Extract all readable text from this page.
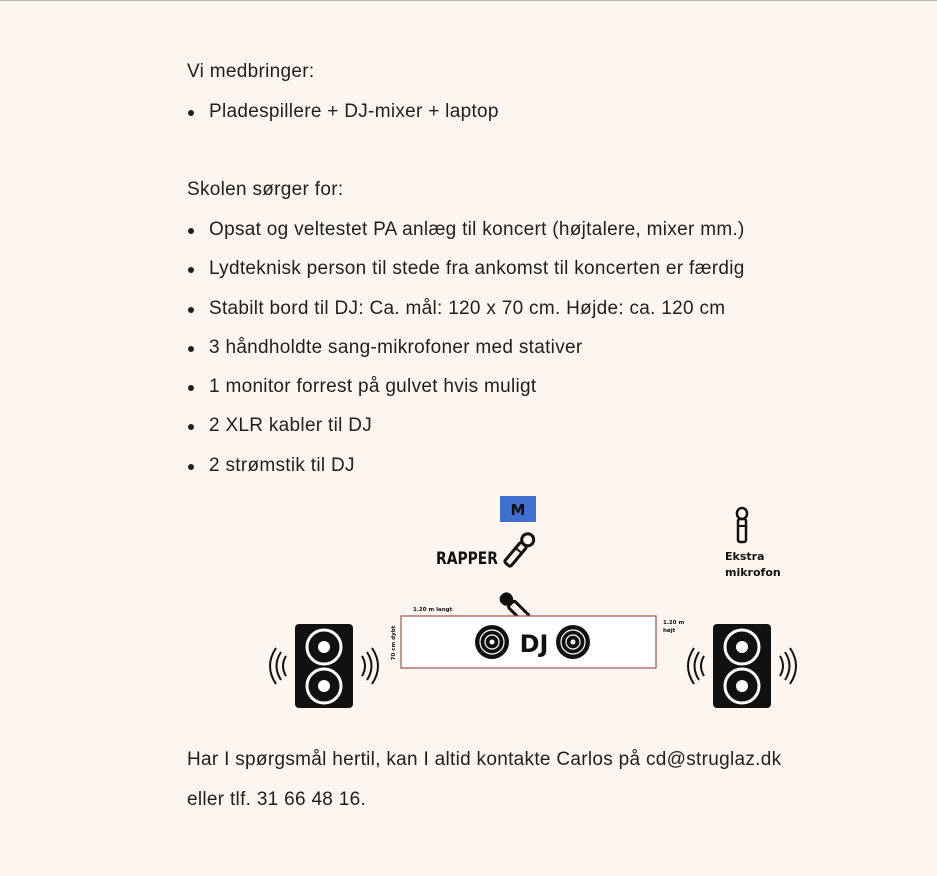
Vi medbringer:
Pladespillere + DJ-mixer + laptop
Skolen sørger for:
Opsat og veltestet PA anlæg til koncert (højtalere, mixer mm.)
Lydteknisk person til stede fra ankomst til koncerten er færdig
Stabilt bord til DJ: Ca. mål: 120 x 70 cm. Højde: ca. 120 cm
3 håndholdte sang-mikrofoner med stativer
1 monitor forrest på gulvet hvis muligt
2 XLR kabler til DJ
2 strømstik til DJ
Har I spørgsmål hertil, kan I altid kontakte Carlos på cd@struglaz.dk
eller tlf. 31 66 48 16.
M
RAPPER	Ekstra
mikrofon
1.20 m langt
70 cm dybt
1.20 m
højt
DJ
